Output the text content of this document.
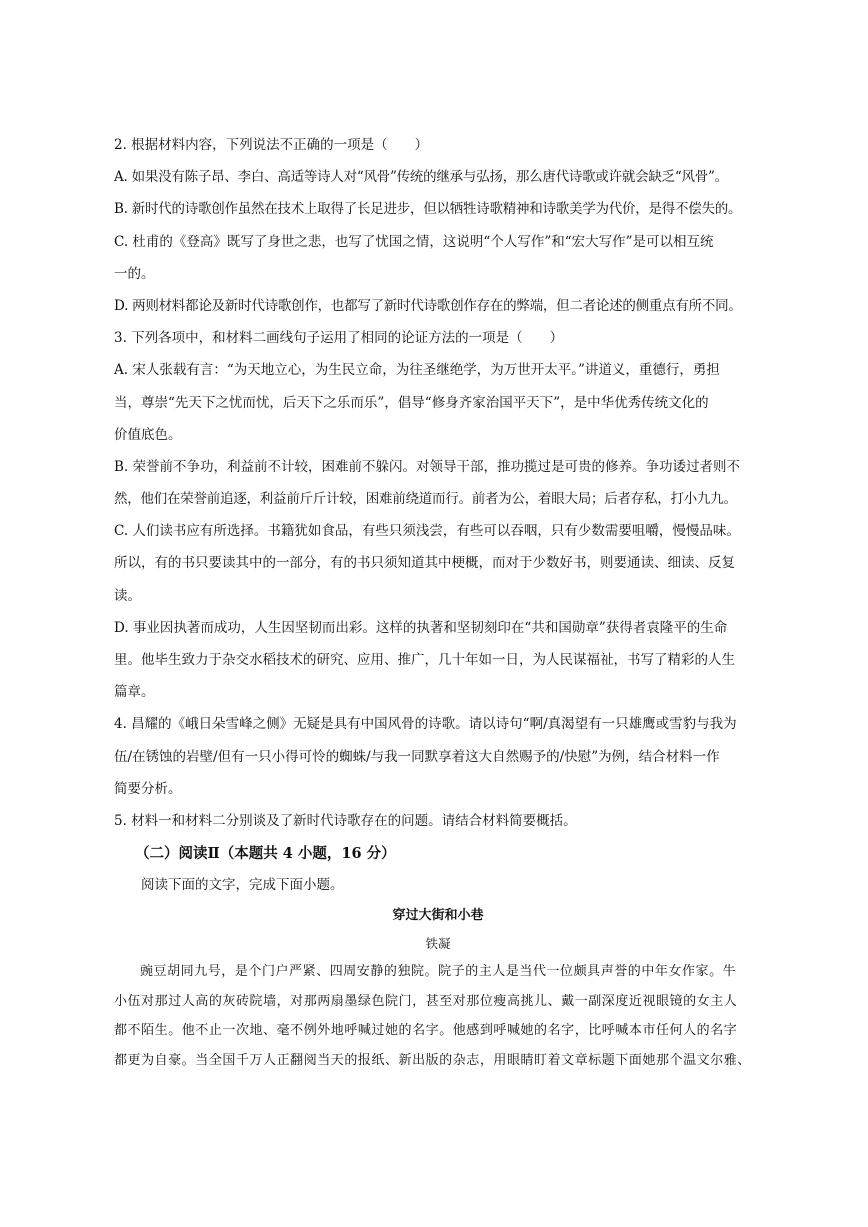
2. 根据材料内容，下列说法不正确的一项是（　　）
A. 如果没有陈子昂、李白、高适等诗人对“风骨”传统的继承与弘扬，那么唐代诗歌或许就会缺乏“风骨”。
B. 新时代的诗歌创作虽然在技术上取得了长足进步，但以牺牲诗歌精神和诗歌美学为代价，是得不偿失的。
C. 杜甫的《登高》既写了身世之悲，也写了忧国之情，这说明“个人写作”和“宏大写作”是可以相互统
一的。
D. 两则材料都论及新时代诗歌创作，也都写了新时代诗歌创作存在的弊端，但二者论述的侧重点有所不同。
3. 下列各项中，和材料二画线句子运用了相同的论证方法的一项是（　　）
A. 宋人张载有言：“为天地立心，为生民立命，为往圣继绝学，为万世开太平。”讲道义，重德行，勇担
当，尊崇“先天下之忧而忧，后天下之乐而乐”，倡导“修身齐家治国平天下”，是中华优秀传统文化的
价值底色。
B. 荣誉前不争功，利益前不计较，困难前不躲闪。对领导干部，推功揽过是可贵的修养。争功诿过者则不
然，他们在荣誉前追逐，利益前斤斤计较，困难前绕道而行。前者为公，着眼大局；后者存私，打小九九。
C. 人们读书应有所选择。书籍犹如食品，有些只须浅尝，有些可以吞咽，只有少数需要咀嚼，慢慢品味。
所以，有的书只要读其中的一部分，有的书只须知道其中梗概，而对于少数好书，则要通读、细读、反复
读。
D. 事业因执著而成功，人生因坚韧而出彩。这样的执著和坚韧刻印在“共和国勋章”获得者袁隆平的生命
里。他毕生致力于杂交水稻技术的研究、应用、推广，几十年如一日，为人民谋福祉，书写了精彩的人生
篇章。
4. 昌耀的《峨日朵雪峰之侧》无疑是具有中国风骨的诗歌。请以诗句“啊/真渴望有一只雄鹰或雪豹与我为
伍/在锈蚀的岩壁/但有一只小得可怜的蜘蛛/与我一同默享着这大自然赐予的/快慰”为例，结合材料一作
简要分析。
5. 材料一和材料二分别谈及了新时代诗歌存在的问题。请结合材料简要概括。
（二）阅读Ⅱ（本题共 4 小题，16 分）
阅读下面的文字，完成下面小题。
穿过大街和小巷
铁凝
豌豆胡同九号，是个门户严紧、四周安静的独院。院子的主人是当代一位颇具声誉的中年女作家。牛
小伍对那过人高的灰砖院墙，对那两扇墨绿色院门，甚至对那位瘦高挑儿、戴一副深度近视眼镜的女主人
都不陌生。他不止一次地、毫不例外地呼喊过她的名字。他感到呼喊她的名字，比呼喊本市任何人的名字
都更为自豪。当全国千万人正翻阅当天的报纸、新出版的杂志，用眼睛盯着文章标题下面她那个温文尔雅、
